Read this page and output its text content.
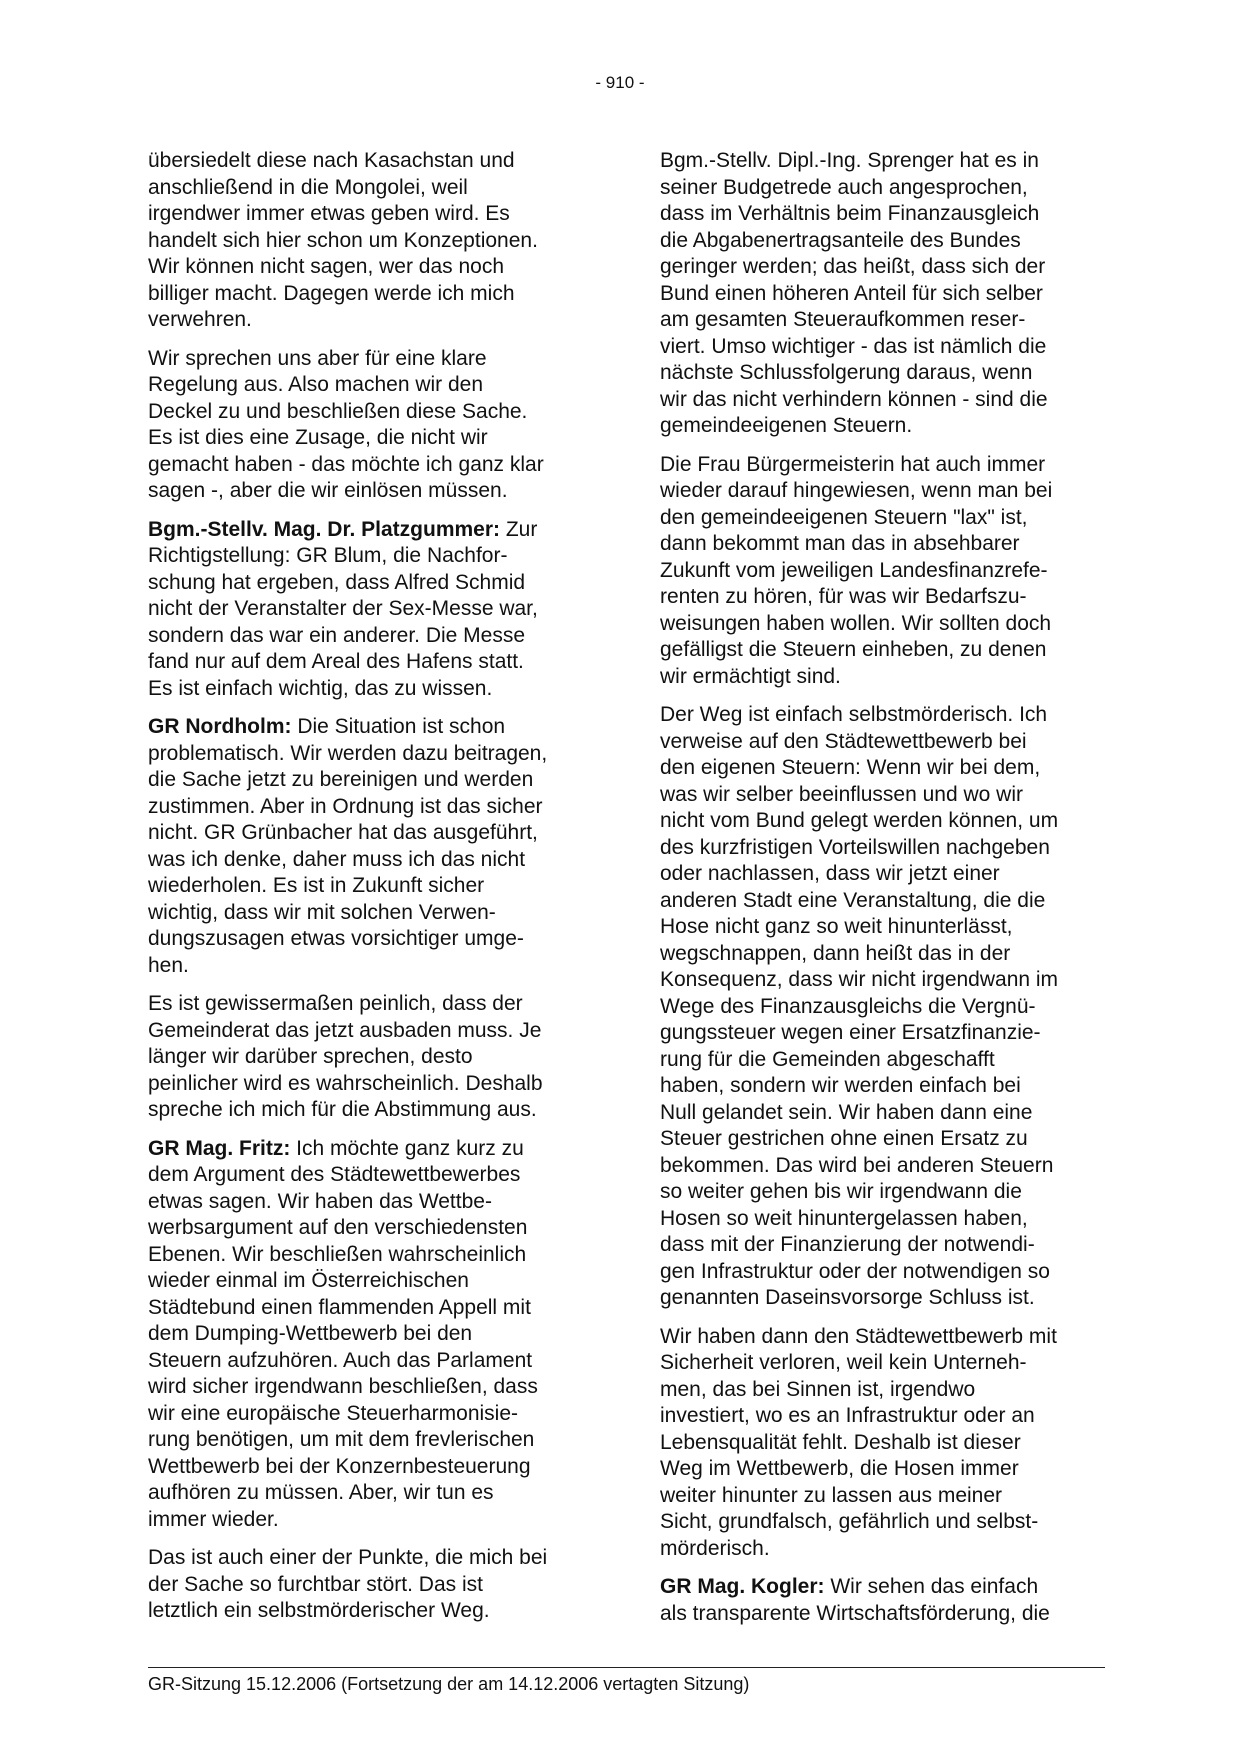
- 910 -

übersiedelt diese nach Kasachstan und
anschließend in die Mongolei, weil
irgendwer immer etwas geben wird. Es
handelt sich hier schon um Konzeptionen.
Wir können nicht sagen, wer das noch
billiger macht. Dagegen werde ich mich
verwehren.

Wir sprechen uns aber für eine klare
Regelung aus. Also machen wir den
Deckel zu und beschließen diese Sache.
Es ist dies eine Zusage, die nicht wir
gemacht haben - das möchte ich ganz klar
sagen -, aber die wir einlösen müssen.

Bgm.-Stellv. Mag. Dr. Platzgummer: Zur
Richtigstellung: GR Blum, die Nachfor-
schung hat ergeben, dass Alfred Schmid
nicht der Veranstalter der Sex-Messe war,
sondern das war ein anderer. Die Messe
fand nur auf dem Areal des Hafens statt.
Es ist einfach wichtig, das zu wissen.

GR Nordholm: Die Situation ist schon
problematisch. Wir werden dazu beitragen,
die Sache jetzt zu bereinigen und werden
zustimmen. Aber in Ordnung ist das sicher
nicht. GR Grünbacher hat das ausgeführt,
was ich denke, daher muss ich das nicht
wiederholen. Es ist in Zukunft sicher
wichtig, dass wir mit solchen Verwen-
dungszusagen etwas vorsichtiger umge-
hen.

Es ist gewissermaßen peinlich, dass der
Gemeinderat das jetzt ausbaden muss. Je
länger wir darüber sprechen, desto
peinlicher wird es wahrscheinlich. Deshalb
spreche ich mich für die Abstimmung aus.

GR Mag. Fritz: Ich möchte ganz kurz zu
dem Argument des Städtewettbewerbes
etwas sagen. Wir haben das Wettbe-
werbsargument auf den verschiedensten
Ebenen. Wir beschließen wahrscheinlich
wieder einmal im Österreichischen
Städtebund einen flammenden Appell mit
dem Dumping-Wettbewerb bei den
Steuern aufzuhören. Auch das Parlament
wird sicher irgendwann beschließen, dass
wir eine europäische Steuerharmonisie-
rung benötigen, um mit dem frevlerischen
Wettbewerb bei der Konzernbesteuerung
aufhören zu müssen. Aber, wir tun es
immer wieder.

Das ist auch einer der Punkte, die mich bei
der Sache so furchtbar stört. Das ist
letztlich ein selbstmörderischer Weg.

Bgm.-Stellv. Dipl.-Ing. Sprenger hat es in
seiner Budgetrede auch angesprochen,
dass im Verhältnis beim Finanzausgleich
die Abgabenertragsanteile des Bundes
geringer werden; das heißt, dass sich der
Bund einen höheren Anteil für sich selber
am gesamten Steueraufkommen reser-
viert. Umso wichtiger - das ist nämlich die
nächste Schlussfolgerung daraus, wenn
wir das nicht verhindern können - sind die
gemeindeeigenen Steuern.

Die Frau Bürgermeisterin hat auch immer
wieder darauf hingewiesen, wenn man bei
den gemeindeeigenen Steuern "lax" ist,
dann bekommt man das in absehbarer
Zukunft vom jeweiligen Landesfinanzrefe-
renten zu hören, für was wir Bedarfszu-
weisungen haben wollen. Wir sollten doch
gefälligst die Steuern einheben, zu denen
wir ermächtigt sind.

Der Weg ist einfach selbstmörderisch. Ich
verweise auf den Städtewettbewerb bei
den eigenen Steuern: Wenn wir bei dem,
was wir selber beeinflussen und wo wir
nicht vom Bund gelegt werden können, um
des kurzfristigen Vorteilswillen nachgeben
oder nachlassen, dass wir jetzt einer
anderen Stadt eine Veranstaltung, die die
Hose nicht ganz so weit hinunterlässt,
wegschnappen, dann heißt das in der
Konsequenz, dass wir nicht irgendwann im
Wege des Finanzausgleichs die Vergnü-
gungssteuer wegen einer Ersatzfinanzie-
rung für die Gemeinden abgeschafft
haben, sondern wir werden einfach bei
Null gelandet sein. Wir haben dann eine
Steuer gestrichen ohne einen Ersatz zu
bekommen. Das wird bei anderen Steuern
so weiter gehen bis wir irgendwann die
Hosen so weit hinuntergelassen haben,
dass mit der Finanzierung der notwendi-
gen Infrastruktur oder der notwendigen so
genannten Daseinsvorsorge Schluss ist.

Wir haben dann den Städtewettbewerb mit
Sicherheit verloren, weil kein Unterneh-
men, das bei Sinnen ist, irgendwo
investiert, wo es an Infrastruktur oder an
Lebensqualität fehlt. Deshalb ist dieser
Weg im Wettbewerb, die Hosen immer
weiter hinunter zu lassen aus meiner
Sicht, grundfalsch, gefährlich und selbst-
mörderisch.

GR Mag. Kogler: Wir sehen das einfach
als transparente Wirtschaftsförderung, die

GR-Sitzung 15.12.2006 (Fortsetzung der am 14.12.2006 vertagten Sitzung)
